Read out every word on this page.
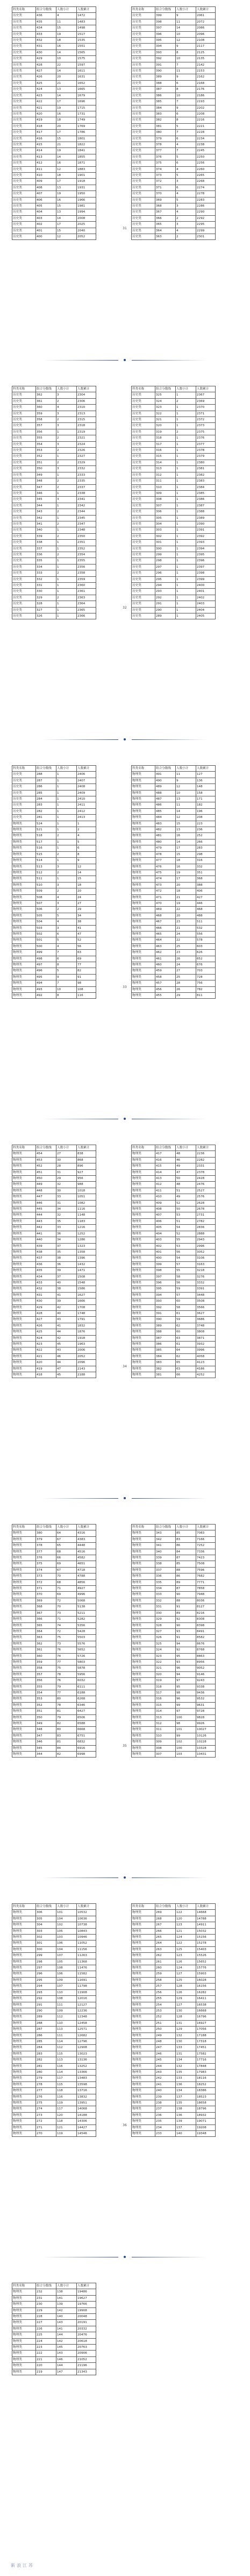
科类名称	组合分数线	人数小计	人数累计
历史类	436	4	1472
历史类	435	11	1483
历史类	434	15	1498
历史类	433	19	1517
历史类	432	18	1535
历史类	431	16	1551
历史类	430	14	1565
历史类	429	10	1575
历史类	428	22	1597
历史类	427	14	1611
历史类	426	20	1631
历史类	425	21	1652
历史类	424	13	1665
历史类	423	14	1679
历史类	422	17	1696
历史类	421	19	1715
历史类	420	16	1731
历史类	419	18	1749
历史类	418	20	1769
历史类	417	17	1786
历史类	416	15	1801
历史类	415	21	1822
历史类	414	19	1841
历史类	413	14	1855
历史类	412	16	1871
历史类	411	12	1883
历史类	410	18	1901
历史类	409	17	1918
历史类	408	13	1931
历史类	407	19	1950
历史类	406	16	1966
历史类	405	15	1981
历史类	404	13	1994
历史类	403	14	2008
历史类	402	17	2025
历史类	401	15	2040
历史类	400	12	2052
科类名称	组合分数线	人数小计	人数累计
历史类	399	9	2061
历史类	398	11	2072
历史类	397	14	2086
历史类	396	10	2096
历史类	395	12	2108
历史类	394	9	2117
历史类	393	8	2125
历史类	392	10	2135
历史类	391	7	2142
历史类	390	11	2153
历史类	389	9	2162
历史类	388	6	2168
历史类	387	8	2176
历史类	386	10	2186
历史类	385	7	2193
历史类	384	9	2202
历史类	383	6	2208
历史类	382	8	2216
历史类	381	5	2221
历史类	380	7	2228
历史类	379	6	2234
历史类	378	4	2238
历史类	377	7	2245
历史类	376	5	2250
历史类	375	6	2256
历史类	374	4	2260
历史类	373	5	2265
历史类	372	3	2268
历史类	371	6	2274
历史类	370	4	2278
历史类	369	5	2283
历史类	368	3	2286
历史类	367	4	2290
历史类	366	2	2292
历史类	365	3	2295
历史类	364	4	2299
历史类	363	2	2301
31
科类名称	组合分数线	人数小计	人数累计
历史类	362	3	2304
历史类	361	2	2306
历史类	360	4	2310
历史类	359	3	2313
历史类	358	2	2315
历史类	357	3	2318
历史类	356	1	2319
历史类	355	2	2321
历史类	354	3	2324
历史类	353	2	2326
历史类	352	1	2327
历史类	351	2	2329
历史类	350	3	2332
历史类	349	1	2333
历史类	348	2	2335
历史类	347	2	2337
历史类	346	1	2338
历史类	345	3	2341
历史类	344	1	2342
历史类	343	2	2344
历史类	342	1	2345
历史类	341	2	2347
历史类	340	1	2348
历史类	339	2	2350
历史类	338	1	2351
历史类	337	1	2352
历史类	336	2	2354
历史类	335	1	2355
历史类	334	1	2356
历史类	333	2	2358
历史类	332	1	2359
历史类	331	1	2360
历史类	330	1	2361
历史类	329	2	2363
历史类	328	1	2364
历史类	327	1	2365
历史类	326	1	2366
科类名称	组合分数线	人数小计	人数累计
历史类	325	1	2367
历史类	324	2	2369
历史类	323	1	2370
历史类	322	1	2371
历史类	321	1	2372
历史类	320	1	2373
历史类	319	2	2375
历史类	318	1	2376
历史类	317	1	2377
历史类	316	1	2378
历史类	315	1	2379
历史类	314	1	2380
历史类	313	1	2381
历史类	312	1	2382
历史类	311	1	2383
历史类	310	1	2384
历史类	309	1	2385
历史类	308	1	2386
历史类	307	1	2387
历史类	306	1	2388
历史类	305	1	2389
历史类	304	1	2390
历史类	303	1	2391
历史类	302	1	2392
历史类	301	1	2393
历史类	300	1	2394
历史类	299	1	2395
历史类	298	1	2396
历史类	297	1	2397
历史类	296	1	2398
历史类	295	1	2399
历史类	294	1	2400
历史类	293	1	2401
历史类	292	1	2402
历史类	291	1	2403
历史类	290	1	2404
历史类	289	1	2405
32
科类名称	组合分数线	人数小计	人数累计
历史类	288	1	2406
历史类	287	1	2407
历史类	286	1	2408
历史类	285	1	2409
历史类	284	1	2410
历史类	283	1	2411
历史类	282	1	2412
历史类	281	1	2413
物理类	524	1	1
物理类	521	1	2
物理类	518	2	4
物理类	517	1	5
物理类	516	1	6
物理类	515	2	8
物理类	514	1	9
物理类	513	3	12
物理类	512	2	14
物理类	511	1	15
物理类	510	3	18
物理类	509	2	20
物理类	508	4	24
物理类	507	3	27
物理类	506	2	29
物理类	505	5	34
物理类	504	4	38
物理类	503	3	41
物理类	502	6	47
物理类	501	5	52
物理类	500	4	56
物理类	499	7	63
物理类	498	6	69
物理类	497	8	77
物理类	496	5	82
物理类	495	9	91
物理类	494	7	98
物理类	493	10	108
物理类	492	8	116
科类名称	组合分数线	人数小计	人数累计
物理类	491	11	127
物理类	490	9	136
物理类	489	12	148
物理类	488	10	158
物理类	487	13	171
物理类	486	11	182
物理类	485	14	196
物理类	484	12	208
物理类	483	15	223
物理类	482	13	236
物理类	481	16	252
物理类	480	14	266
物理类	479	17	283
物理类	478	15	298
物理类	477	18	316
物理类	476	16	332
物理类	475	19	351
物理类	474	17	368
物理类	473	20	388
物理类	472	18	406
物理类	471	21	427
物理类	470	19	446
物理类	469	22	468
物理类	468	20	488
物理类	467	23	511
物理类	466	21	532
物理类	465	24	556
物理类	464	22	578
物理类	463	25	603
物理类	462	23	626
物理类	461	26	652
物理类	460	24	676
物理类	459	27	703
物理类	458	25	728
物理类	457	28	756
物理类	456	26	782
物理类	455	29	811
33
科类名称	组合分数线	人数小计	人数累计
物理类	454	27	838
物理类	453	30	868
物理类	452	28	896
物理类	451	31	927
物理类	450	29	956
物理类	449	32	988
物理类	448	30	1018
物理类	447	33	1051
物理类	446	31	1082
物理类	445	34	1116
物理类	444	32	1148
物理类	443	35	1183
物理类	442	33	1216
物理类	441	36	1252
物理类	440	34	1286
物理类	439	37	1323
物理类	438	35	1358
物理类	437	38	1396
物理类	436	36	1432
物理类	435	39	1471
物理类	434	37	1508
物理类	433	40	1548
物理类	432	38	1586
物理类	431	41	1627
物理类	430	39	1666
物理类	429	42	1708
物理类	428	40	1748
物理类	427	43	1791
物理类	426	41	1832
物理类	425	44	1876
物理类	424	42	1918
物理类	423	45	1963
物理类	422	43	2006
物理类	421	46	2052
物理类	420	44	2096
物理类	419	47	2143
物理类	418	45	2188
科类名称	组合分数线	人数小计	人数累计
物理类	417	48	2236
物理类	416	46	2282
物理类	415	49	2331
物理类	414	47	2378
物理类	413	50	2428
物理类	412	48	2476
物理类	411	51	2527
物理类	410	49	2576
物理类	409	52	2628
物理类	408	50	2678
物理类	407	53	2731
物理类	406	51	2782
物理类	405	54	2836
物理类	404	52	2888
物理类	403	55	2943
物理类	402	53	2996
物理类	401	56	3052
物理类	400	54	3106
物理类	399	57	3163
物理类	398	55	3218
物理类	397	58	3276
物理类	396	56	3332
物理类	395	59	3391
物理类	394	57	3448
物理类	393	60	3508
物理类	392	58	3566
物理类	391	61	3627
物理类	390	59	3686
物理类	389	62	3748
物理类	388	60	3808
物理类	387	63	3871
物理类	386	61	3932
物理类	385	64	3996
物理类	384	62	4058
物理类	383	65	4123
物理类	382	63	4186
物理类	381	66	4252
34
科类名称	组合分数线	人数小计	人数累计
物理类	380	64	4316
物理类	379	67	4383
物理类	378	65	4448
物理类	377	68	4516
物理类	376	66	4582
物理类	375	69	4651
物理类	374	67	4718
物理类	373	70	4788
物理类	372	68	4856
物理类	371	71	4927
物理类	370	69	4996
物理类	369	72	5068
物理类	368	70	5138
物理类	367	73	5211
物理类	366	71	5282
物理类	365	74	5356
物理类	364	72	5428
物理类	363	75	5503
物理类	362	73	5576
物理类	361	76	5652
物理类	360	74	5726
物理类	359	77	5803
物理类	358	75	5878
物理类	357	78	5956
物理类	356	76	6032
物理类	355	79	6111
物理类	354	77	6188
物理类	353	80	6268
物理类	352	78	6346
物理类	351	81	6427
物理类	350	79	6506
物理类	349	82	6588
物理类	348	80	6668
物理类	347	83	6751
物理类	346	81	6832
物理类	345	84	6916
物理类	344	82	6998
科类名称	组合分数线	人数小计	人数累计
物理类	343	85	7083
物理类	342	83	7166
物理类	341	86	7252
物理类	340	84	7336
物理类	339	87	7423
物理类	338	85	7508
物理类	337	88	7596
物理类	336	86	7682
物理类	335	89	7771
物理类	334	87	7858
物理类	333	90	7948
物理类	332	88	8036
物理类	331	91	8127
物理类	330	89	8216
物理类	329	92	8308
物理类	328	90	8398
物理类	327	93	8491
物理类	326	91	8582
物理类	325	94	8676
物理类	324	92	8768
物理类	323	95	8863
物理类	322	93	8956
物理类	321	96	9052
物理类	320	94	9146
物理类	319	97	9243
物理类	318	95	9338
物理类	317	98	9436
物理类	316	96	9532
物理类	315	99	9631
物理类	314	97	9728
物理类	313	100	9828
物理类	312	98	9926
物理类	311	101	10027
物理类	310	99	10126
物理类	309	102	10228
物理类	308	100	10328
物理类	307	103	10431
35
科类名称	组合分数线	人数小计	人数累计
物理类	306	101	10532
物理类	305	104	10636
物理类	304	102	10738
物理类	303	105	10843
物理类	302	103	10946
物理类	301	106	11052
物理类	300	104	11156
物理类	299	107	11263
物理类	298	105	11368
物理类	297	108	11476
物理类	296	106	11582
物理类	295	109	11691
物理类	294	107	11798
物理类	293	110	11908
物理类	292	108	12016
物理类	291	111	12127
物理类	290	109	12236
物理类	289	112	12348
物理类	288	110	12458
物理类	287	113	12571
物理类	286	111	12682
物理类	285	114	12796
物理类	284	112	12908
物理类	283	115	13023
物理类	282	113	13136
物理类	281	116	13252
物理类	280	114	13366
物理类	279	117	13483
物理类	278	115	13598
物理类	277	118	13716
物理类	276	116	13832
物理类	275	119	13951
物理类	274	117	14068
物理类	273	120	14188
物理类	272	118	14306
物理类	271	121	14427
物理类	270	119	14546
科类名称	组合分数线	人数小计	人数累计
物理类	269	122	14668
物理类	268	120	14788
物理类	267	123	14911
物理类	266	121	15032
物理类	265	124	15156
物理类	264	122	15278
物理类	263	125	15403
物理类	262	123	15526
物理类	261	126	15652
物理类	260	124	15776
物理类	259	127	15903
物理类	258	125	16028
物理类	257	128	16156
物理类	256	126	16282
物理类	255	129	16411
物理类	254	127	16538
物理类	253	130	16668
物理类	252	128	16796
物理类	251	131	16927
物理类	250	129	17056
物理类	249	132	17188
物理类	248	130	17318
物理类	247	133	17451
物理类	246	131	17582
物理类	245	134	17716
物理类	244	132	17848
物理类	243	135	17983
物理类	242	133	18116
物理类	241	136	18252
物理类	240	134	18386
物理类	239	137	18523
物理类	238	135	18658
物理类	237	138	18796
物理类	236	136	18932
物理类	235	139	19071
物理类	234	137	19208
物理类	233	140	19348
36
科类名称	组合分数线	人数小计	人数累计
物理类	232	138	19486
物理类	231	141	19627
物理类	230	139	19766
物理类	229	142	19908
物理类	228	140	20048
物理类	227	143	20191
物理类	226	141	20332
物理类	225	144	20476
物理类	224	142	20618
物理类	223	145	20763
物理类	222	143	20906
物理类	221	146	21052
物理类	220	144	21196
物理类	219	147	21343
新浪江苏
